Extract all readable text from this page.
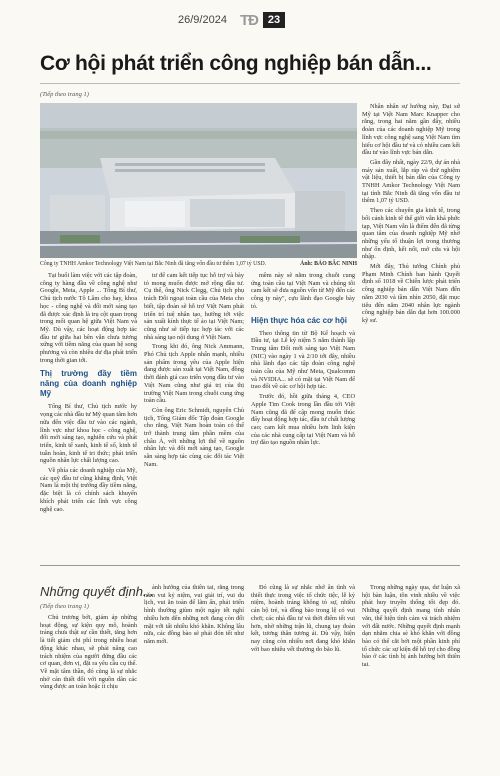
26/9/2024 TĐ 23
Cơ hội phát triển công nghiệp bán dẫn...
(Tiếp theo trang 1)
Công ty TNHH Amkor Technology Việt Nam tại Bắc Ninh đã tăng vốn đầu tư thêm 1,07 tỷ USD.	Ảnh: BẢO BẮC NINH

Tại buổi làm việc với các tập đoàn, công ty hàng đầu về công nghệ như Google, Meta, Apple ... Tổng Bí thư, Chủ tịch nước Tô Lâm cho hay, khoa học - công nghệ và đổi mới sáng tạo đã được xác định là trụ cột quan trọng trong mối quan hệ giữa Việt Nam và Mỹ. Dù vậy, các hoạt động hợp tác đầu tư giữa hai bên vẫn chưa tương xứng với tiềm năng của quan hệ song phương và còn nhiều dư địa phát triển trong thời gian tới.

Thị trường đầy tiềm năng của doanh nghiệp Mỹ

Tổng Bí thư, Chủ tịch nước hy vọng các nhà đầu tư Mỹ quan tâm hơn nữa đến việc đầu tư vào các ngành, lĩnh vực như khoa học - công nghệ, đổi mới sáng tạo, nghiên cứu và phát triển, kinh tế xanh, kinh tế số, kinh tế tuần hoàn, kinh tế tri thức; phát triển nguồn nhân lực chất lượng cao.

Về phía các doanh nghiệp của Mỹ, các quỹ đầu tư cũng khẳng định, Việt Nam là một thị trường đầy tiềm năng, đặc biệt là có chính sách khuyến khích phát triển các lĩnh vực công nghệ cao.

tư để cam kết tiếp tục hỗ trợ và bày tỏ mong muốn được mở rộng đầu tư. Cụ thể, ông Nick Clegg, Chủ tịch phụ trách Đối ngoại toàn cầu của Meta cho biết, tập đoàn sẽ hỗ trợ Việt Nam phát triển trí tuệ nhân tạo, hướng tới việc sản xuất kính thực tế ảo tại Việt Nam; cũng như sẽ tiếp tục hợp tác với các nhà sáng tạo nội dung ở Việt Nam.

Trong khi đó, ông Nick Ammann, Phó Chủ tịch Apple nhấn mạnh, nhiều sản phẩm trong yêu của Apple hiện đang được sản xuất tại Việt Nam, đồng thời đánh giá cao triển vọng đầu tư vào Việt Nam cũng như giá trị của thị trường Việt Nam trong chuỗi cung ứng toàn cầu.

Còn ông Eric Schmidt, nguyên Chủ tịch, Tổng Giám đốc Tập đoàn Google cho rằng, Việt Nam hoàn toàn có thể trở thành trung tâm phần mềm của châu Á, với những lợi thế về nguồn nhân lực và đổi mới sáng tạo, Google sẵn sàng hợp tác cùng các đối tác Việt Nam.

mềm này sẽ nằm trong chuỗi cung ứng toàn cầu tại Việt Nam và chúng tôi cam kết sẽ đưa nguồn vốn từ Mỹ đến các công ty này", cựu lãnh đạo Google bày tỏ.

Hiện thực hóa các cơ hội

Theo thông tin từ Bộ Kế hoạch và Đầu tư, tại Lễ ký niệm 5 năm thành lập Trung tâm Đổi mới sáng tạo Việt Nam (NIC) vào ngày 1 và 2/10 tới đây, nhiều nhà lãnh đạo các tập đoàn công nghệ toàn cầu của Mỹ như Meta, Qualcomm và NVIDIA... sẽ có mặt tại Việt Nam để trao đổi về các cơ hội hợp tác.

Trước đó, hồi giữa tháng 4, CEO Apple Tim Cook trong lần đầu tới Việt Nam cũng đã để cập mong muốn thúc đẩy hoạt động hợp tác, đầu tư chất lượng cao; cam kết mua nhiều hơn linh kiện của các nhà cung cấp tại Việt Nam và hỗ trợ đào tạo nguồn nhân lực.

Nhân nhân sự hướng này, Đại sứ Mỹ tại Việt Nam Marc Knapper cho rằng, trong hai năm gần đây, nhiều đoàn của các doanh nghiệp Mỹ trong lĩnh vực công nghệ sang Việt Nam tìm hiểu cơ hội đầu tư và có nhiều cam kết đầu tư vào lĩnh vực bán dẫn.

Gần đây nhất, ngày 22/9, dự án nhà máy sản xuất, lắp ráp và thử nghiệm vật liệu, thiết bị bán dẫn của Công ty TNHH Amkor Technology Việt Nam tại tỉnh Bắc Ninh đã tăng vốn đầu tư thêm 1,07 tỷ USD.

Theo các chuyên gia kinh tế, trong bối cảnh kinh tế thế giới vẫn khá phức tạp, Việt Nam vẫn là điểm đến đã từng quan tâm của doanh nghiệp Mỹ nhờ những yếu tố thuận lợi trong thương như ổn định, kết nối, mở cửa và hội nhập.

Mới đây, Thủ tướng Chính phủ Phạm Minh Chính ban hành Quyết định số 1018 về Chiến lược phát triển công nghiệp bán dẫn Việt Nam đến năm 2030 và tầm nhìn 2050, đặt mục tiêu đến năm 2040 nhân lực ngành công nghiệp bán dẫn đạt hơn 100.000 kỹ sư.

Những quyết định...
(Tiếp theo trang 1)

Chủ trương bởi, giảm áp những hoạt động, sự kiện quy mô, hoành tráng chưa thật sự cần thiết, tăng hơn là tiết giảm chi phí trong nhiều hoạt động khác nhau, sẽ phải nâng cao trách nhiệm của người đứng đầu các cơ quan, đơn vị, đặt ra yêu cầu cụ thể. Về mặt tâm thần, đó cũng là sự nhắc nhở cán thiết đối với nguồn dân các vùng được an toàn hoặc ít chịu

ảnh hưởng của thiên tai, rằng trong năm vui kỷ niệm, vui giải trí, vui du lịch, vui ăn toàn để lãm ấn, phải triển hình thường giùm một ngày tết nghỉ nhiều hơn đến những nơi đang còn đối mặt với tất nhiều khó khăn. Không lâu nữa, các đồng bào sẽ phải đón tết như năm mới.

Đó cũng là sự nhắc nhở ân tình và thiết thực trong việc tổ chức tiệc, lễ kỷ niệm, hoành tráng không tỏ sự, nhiều cán bộ trẻ, và đồng bào trong lệ có vui chơi; các nhà đầu tư và thời điểm tết vui hơn, nhờ những trận lũ, chung tay đoàn kết, tương thân tương ái. Dù vậy, hiện nay cũng còn nhiều nơi đang khó khăn với bao nhiêu vết thương do bão lũ.

Trong những ngày qua, dư luận xã hội bàn luận, tôn vinh nhiều về việc phát huy truyền thống tốt đẹp đó. Những quyết định mang tính nhân văn, thể hiện tình cảm và trách nhiệm với đất nước. Những quyết định mạnh dạn nhằm chia sẻ khó khăn với đồng bào có thể cắt bớt một phần kinh phí tổ chức các sự kiện để hỗ trợ cho đồng bào ở các tỉnh bị ảnh hưởng bởi thiên tai.
